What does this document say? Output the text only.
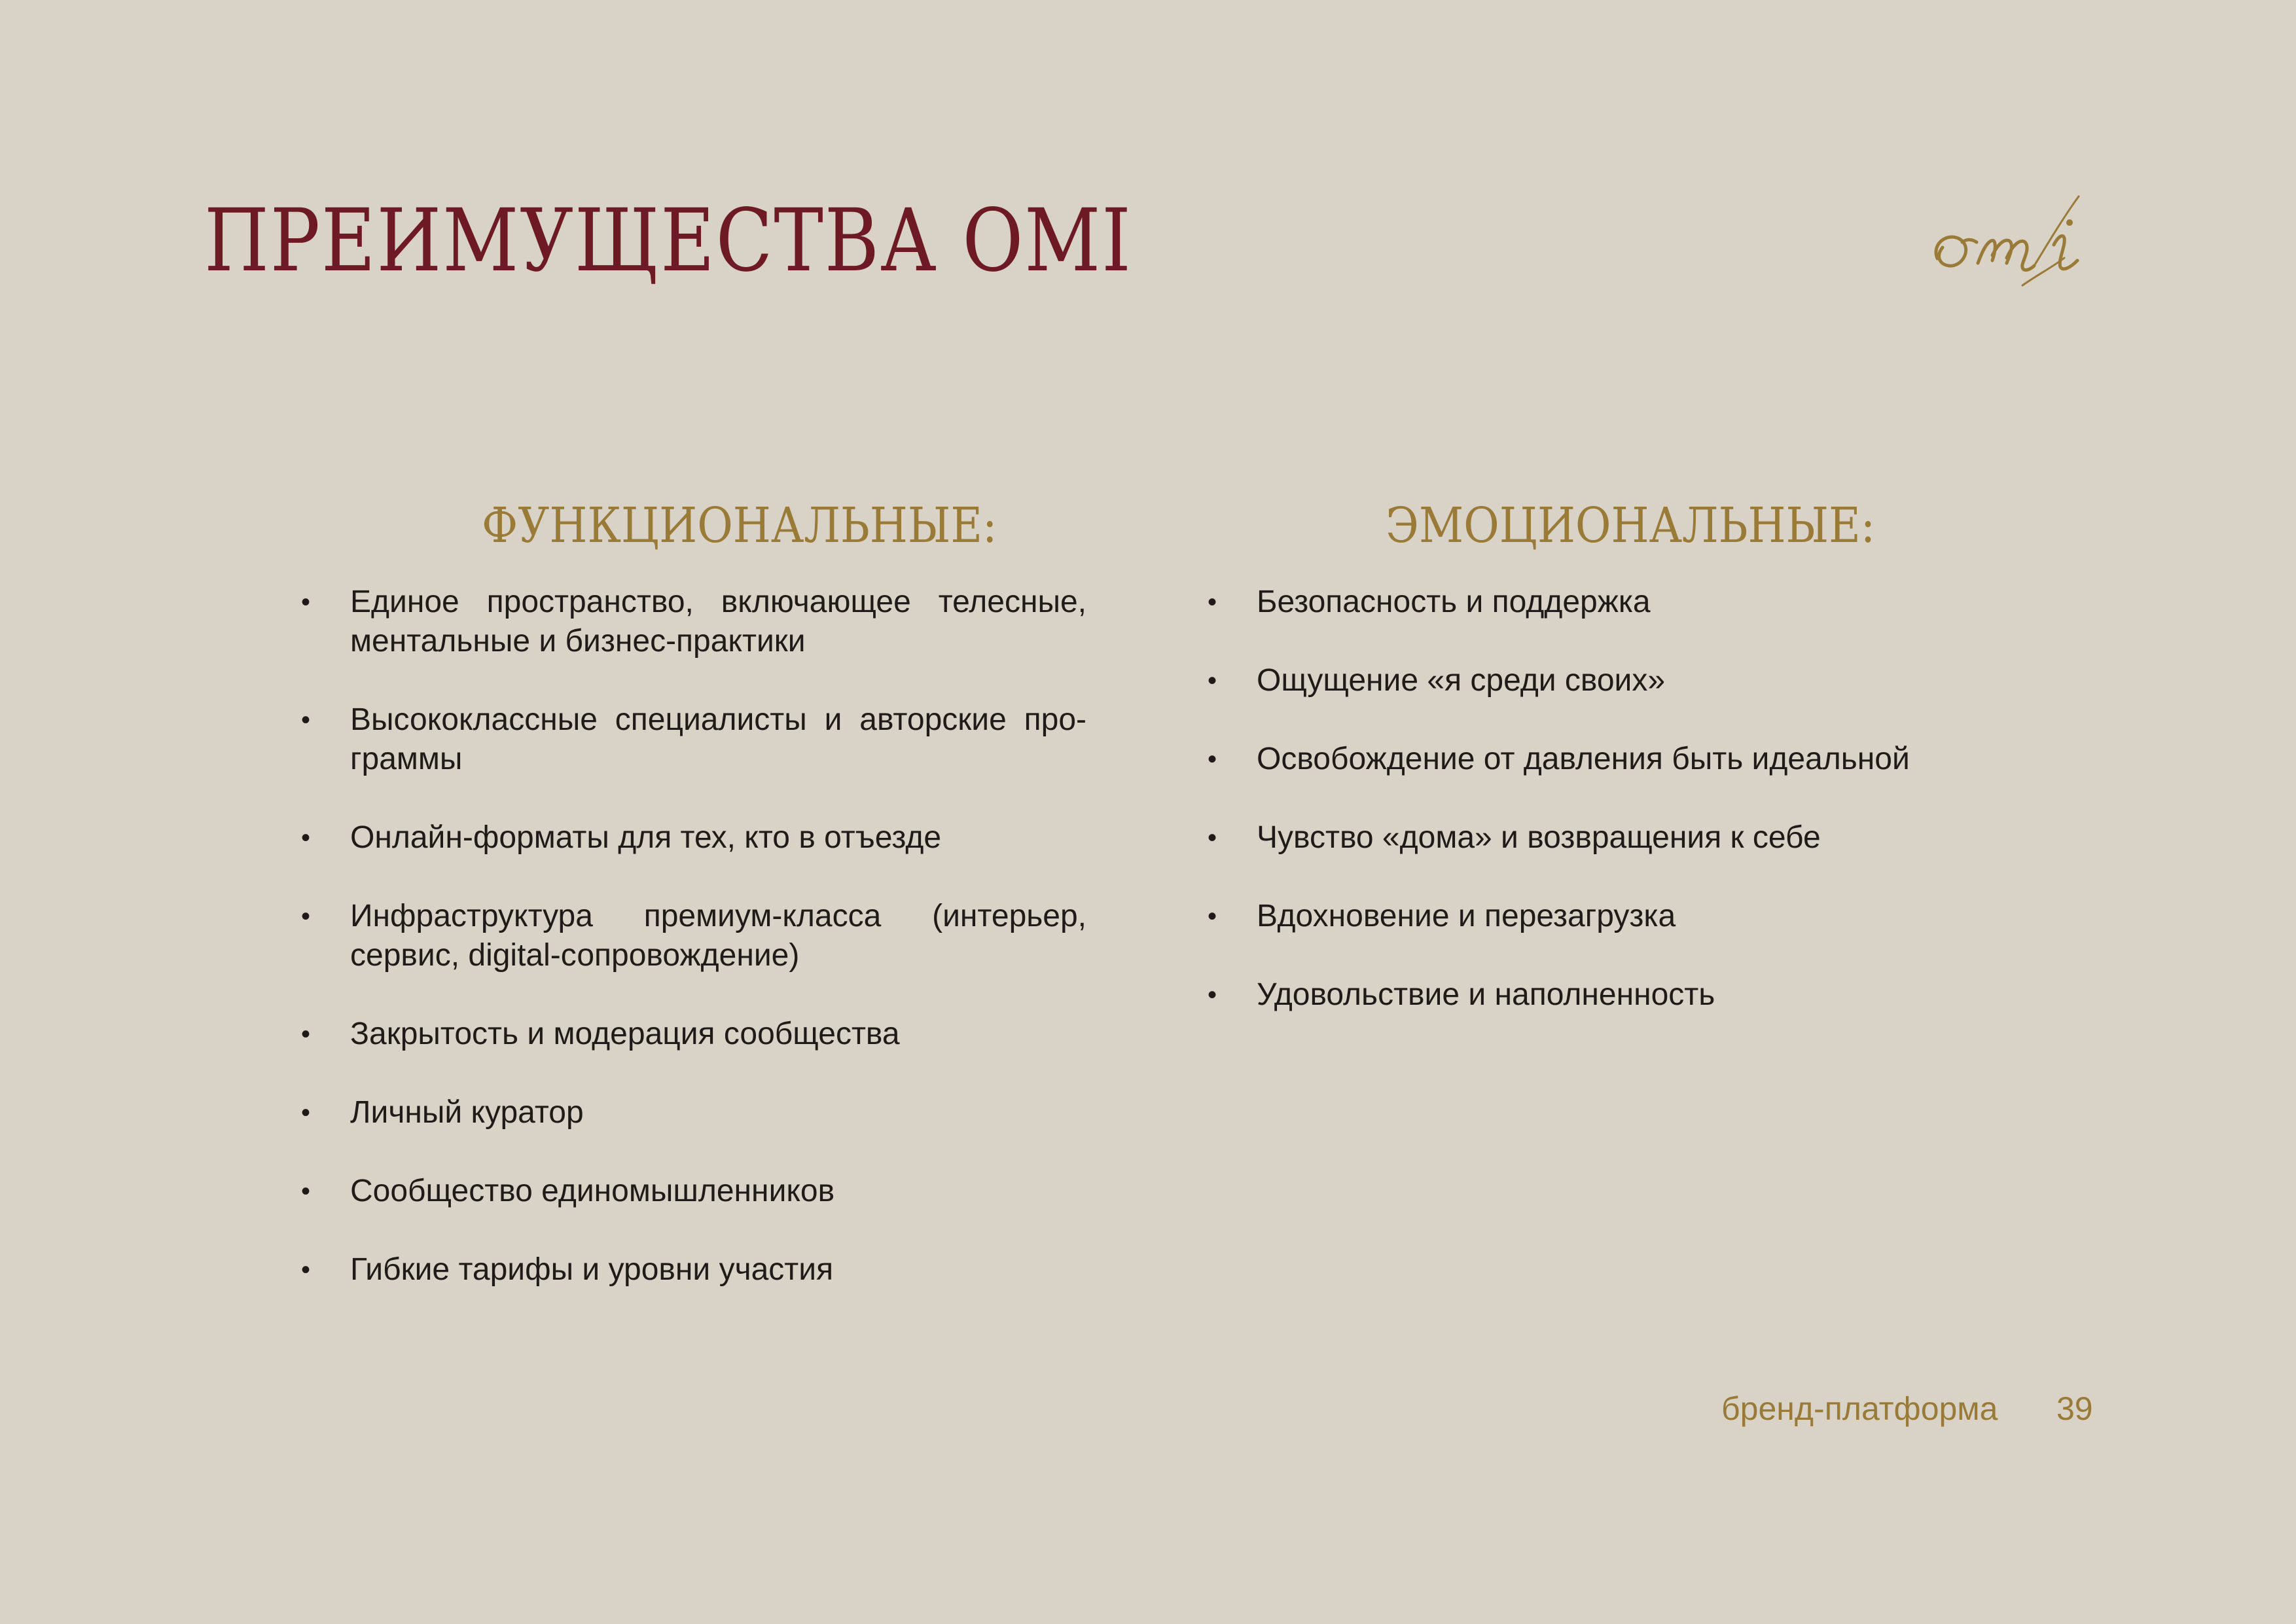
ПРЕИМУЩЕСТВА OMI
ФУНКЦИОНАЛЬНЫЕ:	ЭМОЦИОНАЛЬНЫЕ:
• Единое пространство, включающее телесные, ментальные и бизнес-практики
• Высококлассные специалисты и авторские про-граммы
• Онлайн-форматы для тех, кто в отъезде
• Инфраструктура премиум-класса (интерьер, сервис, digital-сопровождение)
• Закрытость и модерация сообщества
• Личный куратор
• Сообщество единомышленников
• Гибкие тарифы и уровни участия
• Безопасность и поддержка
• Ощущение «я среди своих»
• Освобождение от давления быть идеальной
• Чувство «дома» и возвращения к себе
• Вдохновение и перезагрузка
• Удовольствие и наполненность
бренд-платформа 39
